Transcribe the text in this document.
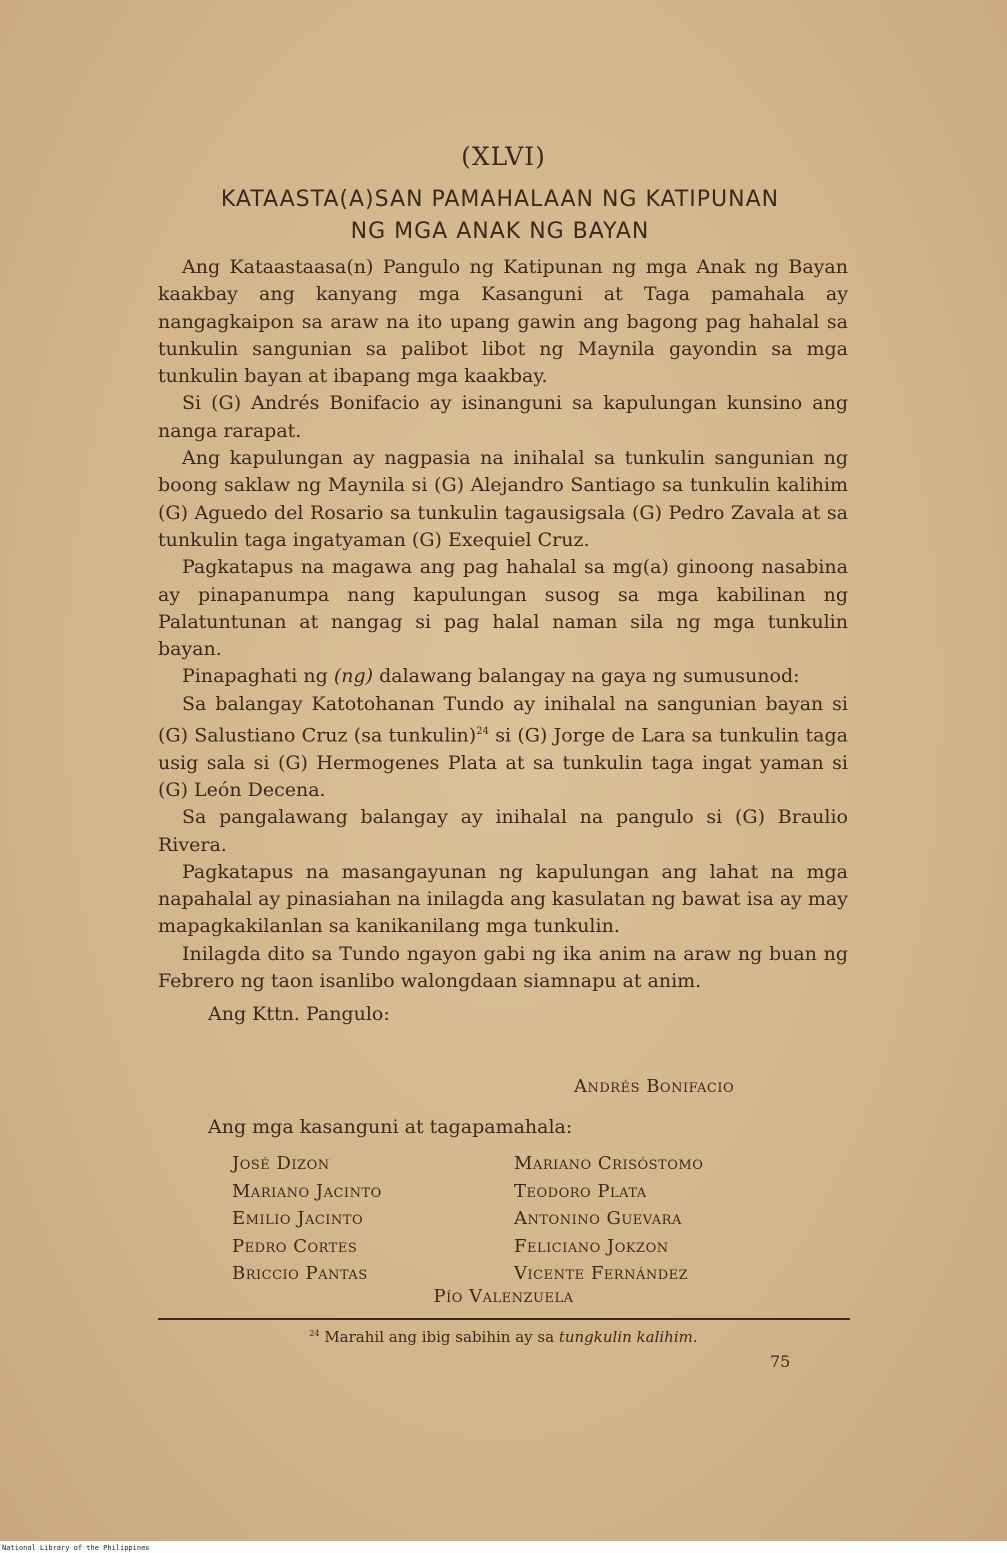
(XLVI)
KATAASTA(A)SAN PAMAHALAAN NG KATIPUNAN
NG MGA ANAK NG BAYAN

Ang Kataastaasa(n) Pangulo ng Katipunan ng mga Anak ng Bayan kaakbay ang kanyang mga Kasanguni at Taga pamahala ay nangagkaipon sa araw na ito upang gawin ang bagong pag hahalal sa tunkulin sangunian sa palibot libot ng Maynila gayondin sa mga tunkulin bayan at ibapang mga kaakbay.

Si (G) Andrés Bonifacio ay isinanguni sa kapulungan kunsino ang nanga rarapat.

Ang kapulungan ay nagpasia na inihalal sa tunkulin sangunian ng boong saklaw ng Maynila si (G) Alejandro Santiago sa tunkulin kalihim (G) Aguedo del Rosario sa tunkulin tagausigsala (G) Pedro Zavala at sa tunkulin taga ingatyaman (G) Exequiel Cruz.

Pagkatapus na magawa ang pag hahalal sa mg(a) ginoong nasabina ay pinapanumpa nang kapulungan susog sa mga kabilinan ng Palatuntunan at nangag si pag halal naman sila ng mga tunkulin bayan.

Pinapaghati ng (ng) dalawang balangay na gaya ng sumusunod:

Sa balangay Katotohanan Tundo ay inihalal na sangunian bayan si (G) Salustiano Cruz (sa tunkulin)$^{24}$ si (G) Jorge de Lara sa tunkulin taga usig sala si (G) Hermogenes Plata at sa tunkulin taga ingat yaman si (G) León Decena.

Sa pangalawang balangay ay inihalal na pangulo si (G) Braulio Rivera.

Pagkatapus na masangayunan ng kapulungan ang lahat na mga napahalal ay pinasiahan na inilagda ang kasulatan ng bawat isa ay may mapagkakilanlan sa kanikanilang mga tunkulin.

Inilagda dito sa Tundo ngayon gabi ng ika anim na araw ng buan ng Febrero ng taon isanlibo walongdaan siamnapu at anim.

Ang Kttn. Pangulo:

Andrés Bonifacio
Ang mga kasanguni at tagapamahala:
José Dizon	Mariano Crisóstomo
Mariano Jacinto	Teodoro Plata
Emilio Jacinto	Antonino Guevara
Pedro Cortes	Feliciano Jokzon
Briccio Pantas	Vicente Fernández
Pío Valenzuela
$^{24}$ Marahil ang ibig sabihin ay sa tungkulin kalihim.
75
National Library of the Philippines
